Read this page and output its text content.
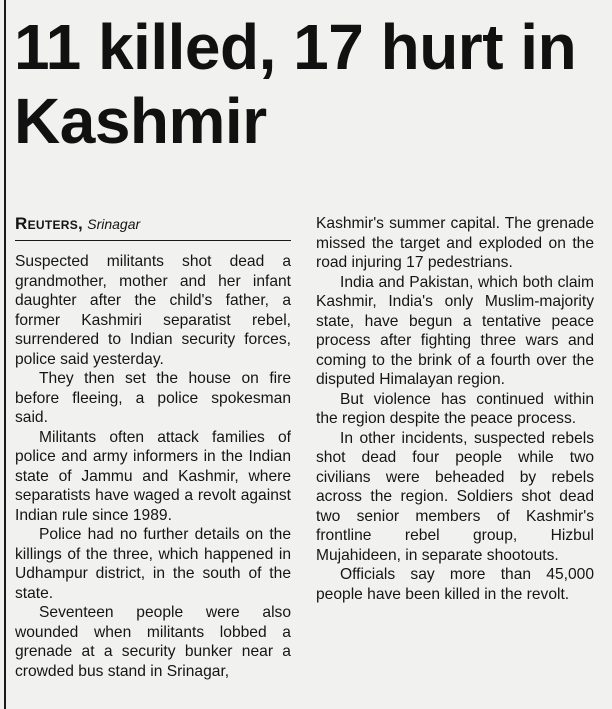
11 killed, 17 hurt in Kashmir
Reuters, Srinagar

Suspected militants shot dead a grandmother, mother and her infant daughter after the child's father, a former Kashmiri separatist rebel, surrendered to Indian security forces, police said yesterday.

They then set the house on fire before fleeing, a police spokesman said.

Militants often attack families of police and army informers in the Indian state of Jammu and Kashmir, where separatists have waged a revolt against Indian rule since 1989.

Police had no further details on the killings of the three, which happened in Udhampur district, in the south of the state.

Seventeen people were also wounded when militants lobbed a grenade at a security bunker near a crowded bus stand in Srinagar,

Kashmir's summer capital. The grenade missed the target and exploded on the road injuring 17 pedestrians.

India and Pakistan, which both claim Kashmir, India's only Muslim-majority state, have begun a tentative peace process after fighting three wars and coming to the brink of a fourth over the disputed Himalayan region.

But violence has continued within the region despite the peace process.

In other incidents, suspected rebels shot dead four people while two civilians were beheaded by rebels across the region. Soldiers shot dead two senior members of Kashmir's frontline rebel group, Hizbul Mujahideen, in separate shootouts.

Officials say more than 45,000 people have been killed in the revolt.
